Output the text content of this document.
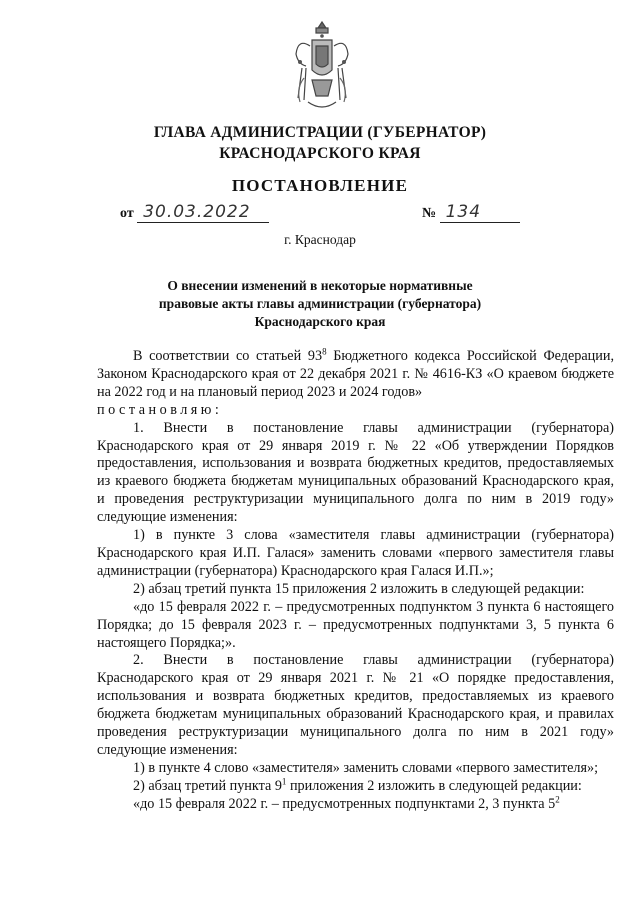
ГЛАВА АДМИНИСТРАЦИИ (ГУБЕРНАТОР)
КРАСНОДАРСКОГО КРАЯ
ПОСТАНОВЛЕНИЕ
от 30.03.2022	№ 134
г. Краснодар
О внесении изменений в некоторые нормативные
правовые акты главы администрации (губернатора)
Краснодарского края

В соответствии со статьей $93^8$ Бюджетного кодекса Российской Федерации, Законом Краснодарского края от 22 декабря 2021 г. № 4616-КЗ «О краевом бюджете на 2022 год и на плановый период 2023 и 2024 годов»

постановляю:

1. Внести в постановление главы администрации (губернатора) Краснодарского края от 29 января 2019 г. № 22 «Об утверждении Порядков предоставления, использования и возврата бюджетных кредитов, предоставляемых из краевого бюджета бюджетам муниципальных образований Краснодарского края, и проведения реструктуризации муниципального долга по ним в 2019 году» следующие изменения:

1) в пункте 3 слова «заместителя главы администрации (губернатора) Краснодарского края И.П. Галася» заменить словами «первого заместителя главы администрации (губернатора) Краснодарского края Галася И.П.»;

2) абзац третий пункта 15 приложения 2 изложить в следующей редакции:

«до 15 февраля 2022 г. – предусмотренных подпунктом 3 пункта 6 настоящего Порядка; до 15 февраля 2023 г. – предусмотренных подпунктами 3, 5 пункта 6 настоящего Порядка;».

2. Внести в постановление главы администрации (губернатора) Краснодарского края от 29 января 2021 г. № 21 «О порядке предоставления, использования и возврата бюджетных кредитов, предоставляемых из краевого бюджета бюджетам муниципальных образований Краснодарского края, и правилах проведения реструктуризации муниципального долга по ним в 2021 году» следующие изменения:

1) в пункте 4 слово «заместителя» заменить словами «первого заместителя»;

2) абзац третий пункта $9^1$ приложения 2 изложить в следующей редакции:

«до 15 февраля 2022 г. – предусмотренных подпунктами 2, 3 пункта $5^2$
